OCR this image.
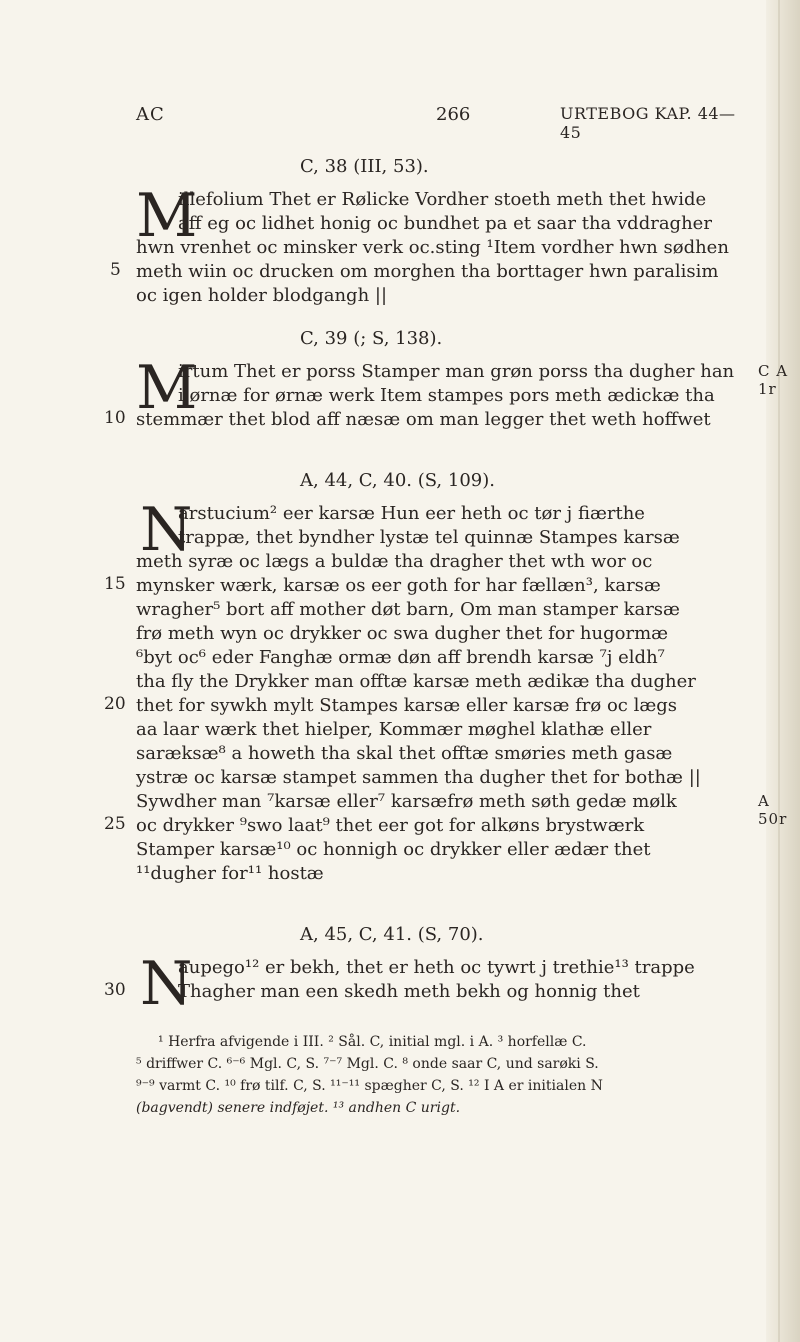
AC	266	URTEBOG KAP. 44—45
C, 38 (III, 53).
M
illefolium Thet er Rølicke Vordher stoeth meth thet hwide
aff eg oc lidhet honig oc bundhet pa et saar tha vddragher
hwn vrenhet oc minsker verk oc.sting ¹Item vordher hwn sødhen
5 meth wiin oc drucken om morghen tha borttager hwn paralisim
oc igen holder blodgangh ||
C, 39 (; S, 138).
M
irtum Thet er porss Stamper man grøn porss tha dugher han C A 1r
i ørnæ for ørnæ werk Item stampes pors meth ædickæ tha
10 stemmær thet blod aff næsæ om man legger thet weth hoffwet
A, 44, C, 40. (S, 109).
N
arstucium² eer karsæ Hun eer heth oc tør j fiærthe
trappæ, thet byndher lystæ tel quinnæ Stampes karsæ
meth syræ oc lægs a buldæ tha dragher thet wth wor oc
15 mynsker wærk, karsæ os eer goth for har fællæn³, karsæ
wragher⁵ bort aff mother døt barn, Om man stamper karsæ
frø meth wyn oc drykker oc swa dugher thet for hugormæ
⁶byt oc⁶ eder Fanghæ ormæ døn aff brendh karsæ ⁷j eldh⁷
tha fly the Drykker man offtæ karsæ meth ædikæ tha dugher
20 thet for sywkh mylt Stampes karsæ eller karsæ frø oc lægs
aa laar wærk thet hielper, Kommær møghel klathæ eller
saræksæ⁸ a howeth tha skal thet offtæ smøries meth gasæ
ystræ oc karsæ stampet sammen tha dugher thet for bothæ ||
Sywdher man ⁷karsæ eller⁷ karsæfrø meth søth gedæ mølk	A 50r
25 oc drykker ⁹swo laat⁹ thet eer got for alkøns brystwærk
Stamper karsæ¹⁰ oc honnigh oc drykker eller ædær thet
¹¹dugher for¹¹ hostæ
A, 45, C, 41. (S, 70).
N
aupego¹² er bekh, thet er heth oc tywrt j trethie¹³ trappe
30	Thagher man een skedh meth bekh og honnig thet
¹ Herfra afvigende i III. ² Sål. C, initial mgl. i A. ³ horfellæ C.
⁵ driffwer C. ⁶⁻⁶ Mgl. C, S. ⁷⁻⁷ Mgl. C. ⁸ onde saar C, und sarøki S.
⁹⁻⁹ varmt C. ¹⁰ frø tilf. C, S. ¹¹⁻¹¹ spægher C, S. ¹² I A er initialen N
(bagvendt) senere indføjet. ¹³ andhen C urigt.
